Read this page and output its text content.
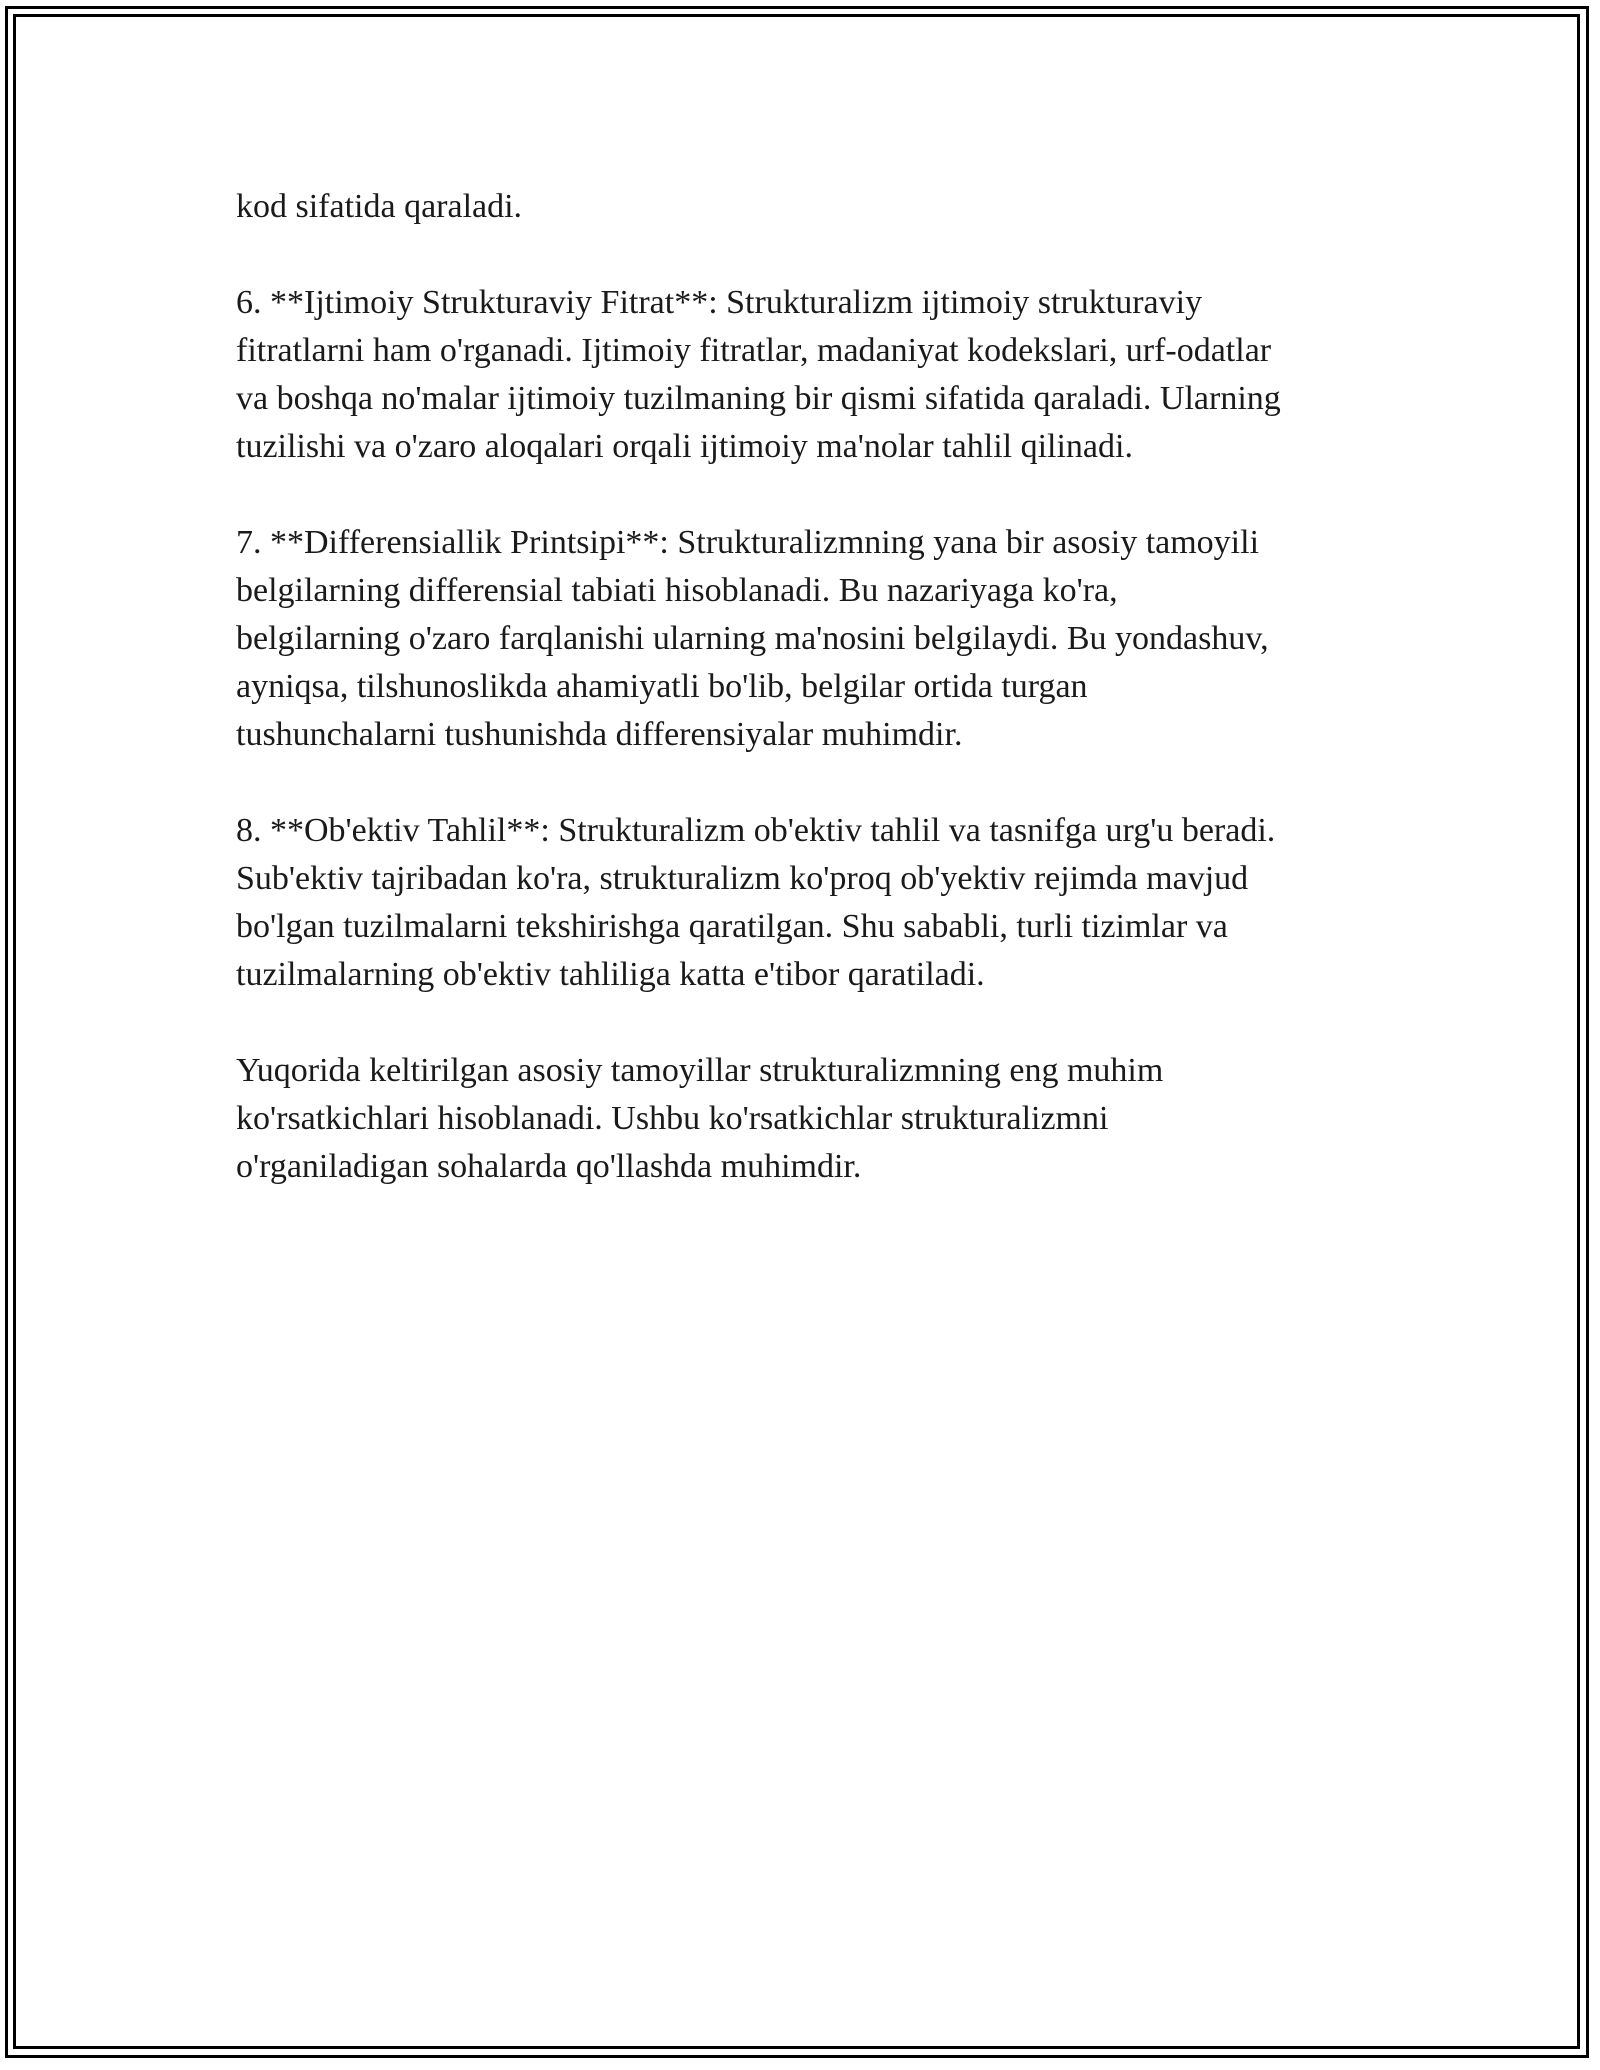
kod sifatida qaraladi.

6. **Ijtimoiy Strukturaviy Fitrat**: Strukturalizm ijtimoiy strukturaviy
fitratlarni ham o'rganadi. Ijtimoiy fitratlar, madaniyat kodekslari, urf-odatlar
va boshqa no'malar ijtimoiy tuzilmaning bir qismi sifatida qaraladi. Ularning
tuzilishi va o'zaro aloqalari orqali ijtimoiy ma'nolar tahlil qilinadi.

7. **Differensiallik Printsipi**: Strukturalizmning yana bir asosiy tamoyili
belgilarning differensial tabiati hisoblanadi. Bu nazariyaga ko'ra,
belgilarning o'zaro farqlanishi ularning ma'nosini belgilaydi. Bu yondashuv,
ayniqsa, tilshunoslikda ahamiyatli bo'lib, belgilar ortida turgan
tushunchalarni tushunishda differensiyalar muhimdir.

8. **Ob'ektiv Tahlil**: Strukturalizm ob'ektiv tahlil va tasnifga urg'u beradi.
Sub'ektiv tajribadan ko'ra, strukturalizm ko'proq ob'yektiv rejimda mavjud
bo'lgan tuzilmalarni tekshirishga qaratilgan. Shu sababli, turli tizimlar va
tuzilmalarning ob'ektiv tahliliga katta e'tibor qaratiladi.

Yuqorida keltirilgan asosiy tamoyillar strukturalizmning eng muhim
ko'rsatkichlari hisoblanadi. Ushbu ko'rsatkichlar strukturalizmni
o'rganiladigan sohalarda qo'llashda muhimdir.
